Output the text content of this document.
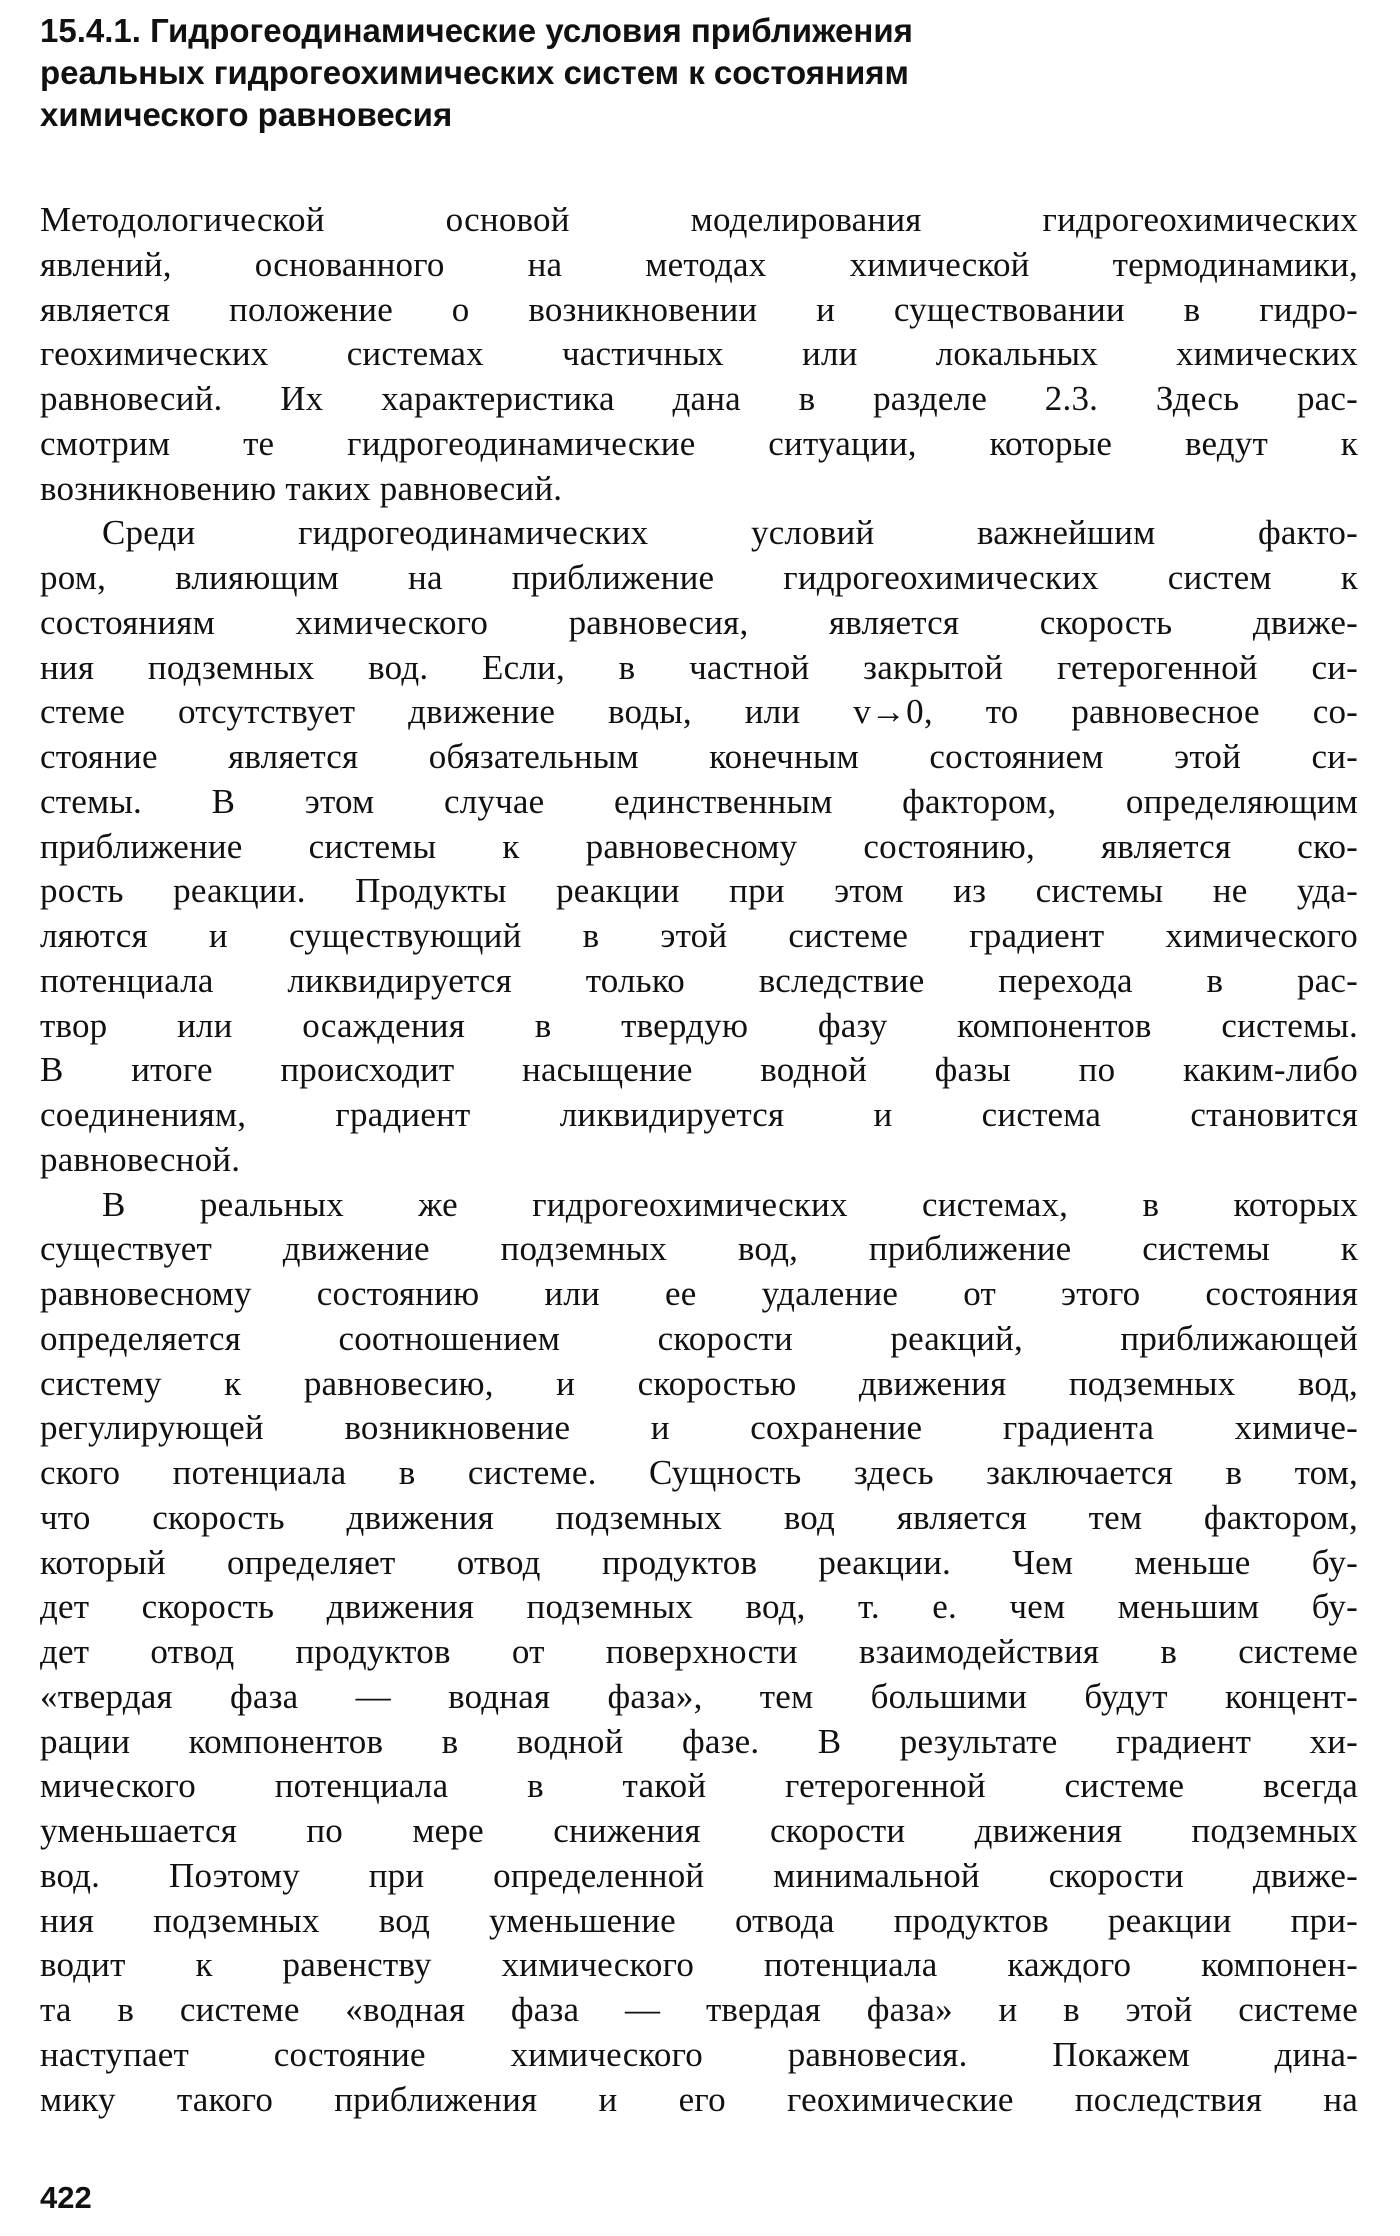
15.4.1. Гидрогеодинамические условия приближения
реальных гидрогеохимических систем к состояниям
химического равновесия
Методологической основой моделирования гидрогеохимических
явлений, основанного на методах химической термодинамики,
является положение о возникновении и существовании в гидро-
геохимических системах частичных или локальных химических
равновесий. Их характеристика дана в разделе 2.3. Здесь рас-
смотрим те гидрогеодинамические ситуации, которые ведут к
возникновению таких равновесий.
Среди гидрогеодинамических условий важнейшим факто-
ром, влияющим на приближение гидрогеохимических систем к
состояниям химического равновесия, является скорость движе-
ния подземных вод. Если, в частной закрытой гетерогенной си-
стеме отсутствует движение воды, или v→0, то равновесное со-
стояние является обязательным конечным состоянием этой си-
стемы. В этом случае единственным фактором, определяющим
приближение системы к равновесному состоянию, является ско-
рость реакции. Продукты реакции при этом из системы не уда-
ляются и существующий в этой системе градиент химического
потенциала ликвидируется только вследствие перехода в рас-
твор или осаждения в твердую фазу компонентов системы.
В итоге происходит насыщение водной фазы по каким-либо
соединениям, градиент ликвидируется и система становится
равновесной.
В реальных же гидрогеохимических системах, в которых
существует движение подземных вод, приближение системы к
равновесному состоянию или ее удаление от этого состояния
определяется соотношением скорости реакций, приближающей
систему к равновесию, и скоростью движения подземных вод,
регулирующей возникновение и сохранение градиента химиче-
ского потенциала в системе. Сущность здесь заключается в том,
что скорость движения подземных вод является тем фактором,
который определяет отвод продуктов реакции. Чем меньше бу-
дет скорость движения подземных вод, т. е. чем меньшим бу-
дет отвод продуктов от поверхности взаимодействия в системе
«твердая фаза — водная фаза», тем большими будут концент-
рации компонентов в водной фазе. В результате градиент хи-
мического потенциала в такой гетерогенной системе всегда
уменьшается по мере снижения скорости движения подземных
вод. Поэтому при определенной минимальной скорости движе-
ния подземных вод уменьшение отвода продуктов реакции при-
водит к равенству химического потенциала каждого компонен-
та в системе «водная фаза — твердая фаза» и в этой системе
наступает состояние химического равновесия. Покажем дина-
мику такого приближения и его геохимические последствия на
422
